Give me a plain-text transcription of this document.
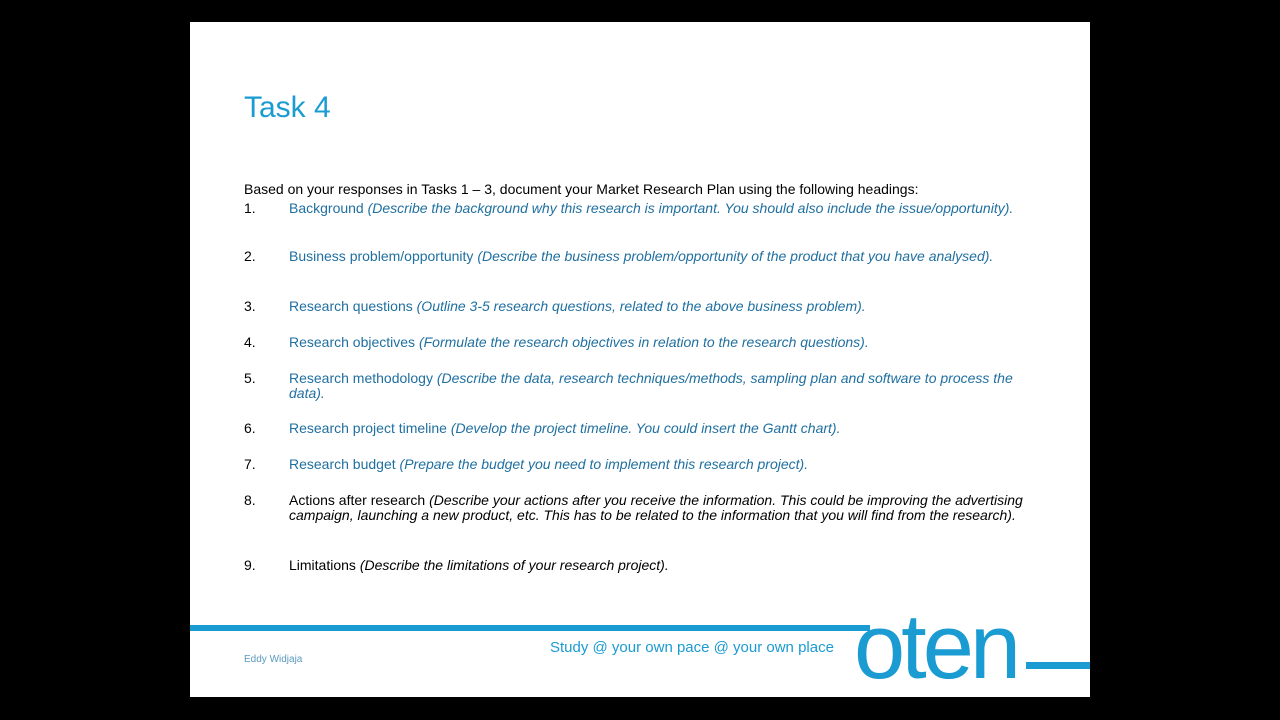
Task 4

Based on your responses in Tasks 1 – 3, document your Market Research Plan using the following headings:

1. Background (Describe the background why this research is important. You should also include the issue/opportunity).
2. Business problem/opportunity (Describe the business problem/opportunity of the product that you have analysed).
3. Research questions (Outline 3-5 research questions, related to the above business problem).
4. Research objectives (Formulate the research objectives in relation to the research questions).
5. Research methodology (Describe the data, research techniques/methods, sampling plan and software to process the data).
6. Research project timeline (Develop the project timeline. You could insert the Gantt chart).
7. Research budget (Prepare the budget you need to implement this research project).
8. Actions after research (Describe your actions after you receive the information. This could be improving the advertising campaign, launching a new product, etc. This has to be related to the information that you will find from the research).
9. Limitations (Describe the limitations of your research project).
Study @ your own pace @ your own place
Eddy Widjaja	oten
